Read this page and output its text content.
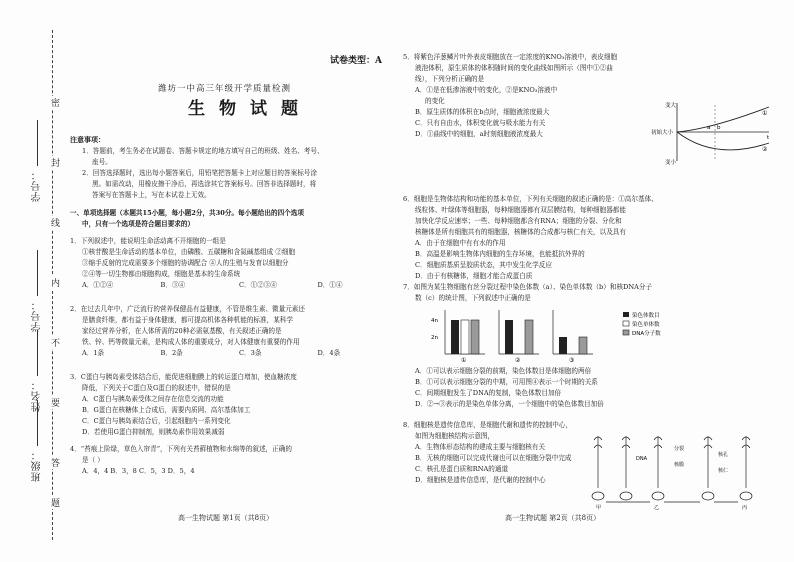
学号：
学号：
姓名：
班级：
密
封
线
内
不
要
答
题
试卷类型：A
潍坊一中高三年级开学质量检测
生物试题
注意事项：
1．答题前，考生务必在试题卷、答题卡规定的地方填写自己的班级、姓名、考号、
座号。
2．回答选择题时，选出每小题答案后，用铅笔把答题卡上对应题目的答案标号涂
黑。如需改动，用橡皮擦干净后，再选涂其它答案标号。回答非选择题时，将
答案写在答题卡上，写在本试卷上无效。
一、单项选择题（本题共15小题，每小题2分，共30分。每小题给出的四个选项
中，只有一个选项是符合题目要求的）
1．下列叙述中，能说明生命活动离不开细胞的一组是
①核苷酸是生命活动的基本单位，由磷酸、五碳糖和含氮碱基组成 ②细胞
③缩手反射的完成需要多个细胞的协调配合 ④人的生殖与发育以细胞分
②④等一切生物都由细胞构成，细胞是基本的生命系统
A．①②④	B．③④	C．①②③④	D．①④
2．在过去几年中，广泛流行的营养保健品有益健康，不管是维生素、微量元素还
是膳食纤维，都有益于身体健康，都可提高机体各种机能的标准，某科学
家经过营养分析，在人体所需的20种必需氨基酸，有关叙述正确的是
铁、锌、钙等微量元素，是构成人体的重要成分，对人体健康有重要的作用
A．1条	B．2条	C．3条	D．4条
3．C蛋白与胰岛素受体结合后，能促进细胞膜上的转运蛋白增加，使血糖浓度
降低，下列关于C蛋白及G蛋白的叙述中，错误的是
A．C蛋白与胰岛素受体之间存在信息交流的功能
B．G蛋白在核糖体上合成后，需要内质网、高尔基体加工
C．C蛋白与胰岛素结合后，引起细胞内一系列变化
D．若使用G蛋白抑制剂，则胰岛素作用效果减弱
4．“苔痕上阶绿，草色入帘青”，下列有关苔藓植物和水绵等的叙述，正确的
是（ ）
A．4，4 B．3，8 C．5，3 D．5，4
高一生物试题 第1页（共8页）
5．将紫色洋葱鳞片叶外表皮细胞放在一定浓度的KNO₃溶液中，表皮细胞
液泡体积，原生质体的体积随时间的变化曲线如图所示（图中①②曲
线），下列分析正确的是
A．①是在低渗溶液中的变化，②是KNO₃溶液中
的变化
B．原生质体的体积在b点时，细胞液浓度最大
C．只有自由水，体积变化就与吸水能力有关
D．①曲线中的细胞，a时刻细胞液浓度最大
变大
变小
初始大小
a b
①
②
t
6．细胞是生物体结构和功能的基本单位，下列有关细胞的叙述正确的是：①高尔基体、
线粒体、叶绿体等细胞器，每种细胞器都有双层膜结构，每种细胞器都能
加快化学反应速率；一些、每种细胞都含有RNA；细胞的分裂、分化和
核糖体是所有细胞共有的细胞器，核糖体的合成都与核仁有关，以及具有
A．由于在细胞中有有水的作用
B．高温是影响生物体内细胞的生存环境，也能抵抗外界的
C．细胞质基质呈胶质状态，其中发生化学反应
D．由于有核糖体，细胞才能合成蛋白质
7．如图为某生物细胞有丝分裂过程中染色体数（a）、染色单体数（b）和核DNA分子
数（c）的统计图，下列叙述中正确的是
4n
2n
①	②	③
染色体数目
染色单体数
DNA分子数
A．①可以表示细胞分裂的前期，染色体数目是体细胞的两倍
B．①可以表示细胞分裂的中期，可用图④表示一个时期的关系
C．间期细胞发生了DNA的复制，染色体数目加倍
D．②→③表示的是染色单体分离，一个细胞中的染色体数目加倍
8．细胞核是遗传信息库，是细胞代谢和遗传的控制中心，
如图为细胞核结构示意图，
A．生物体形态结构的建成主要与细胞核有关
B．无核的细胞可以完成代谢也可以在细胞分裂中完成
C．核孔是蛋白质和RNA的通道
D．细胞核是遗传信息库，是代谢的控制中心
DNA
分裂
核膜
核孔
核仁
甲	乙	丙
高一生物试题 第2页（共8页）
